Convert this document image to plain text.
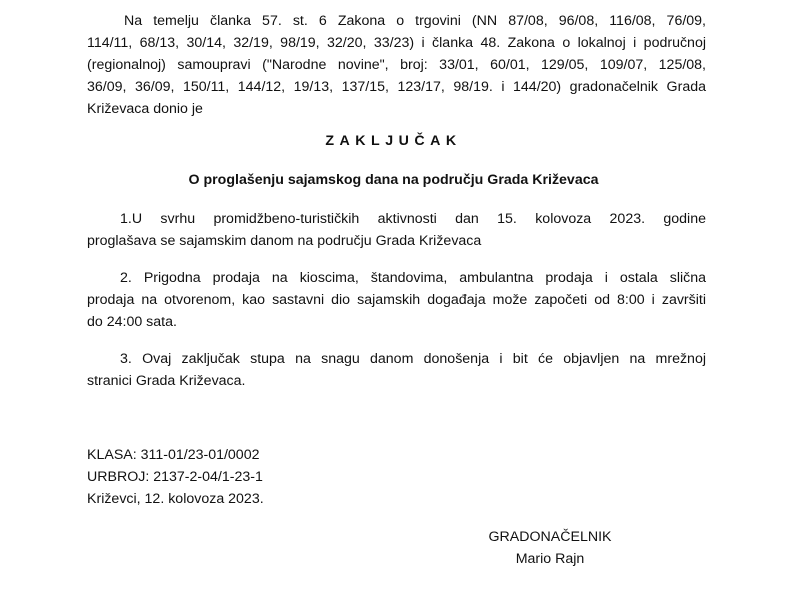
Na temelju članka 57. st. 6 Zakona o trgovini (NN 87/08, 96/08, 116/08, 76/09,
114/11, 68/13, 30/14, 32/19, 98/19, 32/20, 33/23) i članka 48. Zakona o lokalnoj i područnoj
(regionalnoj) samoupravi ("Narodne novine", broj: 33/01, 60/01, 129/05, 109/07, 125/08,
36/09, 36/09, 150/11, 144/12, 19/13, 137/15, 123/17, 98/19. i 144/20) gradonačelnik Grada
Križevaca donio je
ZAKLJUČAK
O proglašenju sajamskog dana na području Grada Križevaca
1.U svrhu promidžbeno-turističkih aktivnosti dan 15. kolovoza 2023. godine
proglašava se sajamskim danom na području Grada Križevaca
2. Prigodna prodaja na kioscima, štandovima, ambulantna prodaja i ostala slična
prodaja na otvorenom, kao sastavni dio sajamskih događaja može započeti od 8:00 i završiti
do 24:00 sata.
3. Ovaj zaključak stupa na snagu danom donošenja i bit će objavljen na mrežnoj
stranici Grada Križevaca.
KLASA: 311-01/23-01/0002
URBROJ: 2137-2-04/1-23-1
Križevci, 12. kolovoza 2023.
GRADONAČELNIK
Mario Rajn
